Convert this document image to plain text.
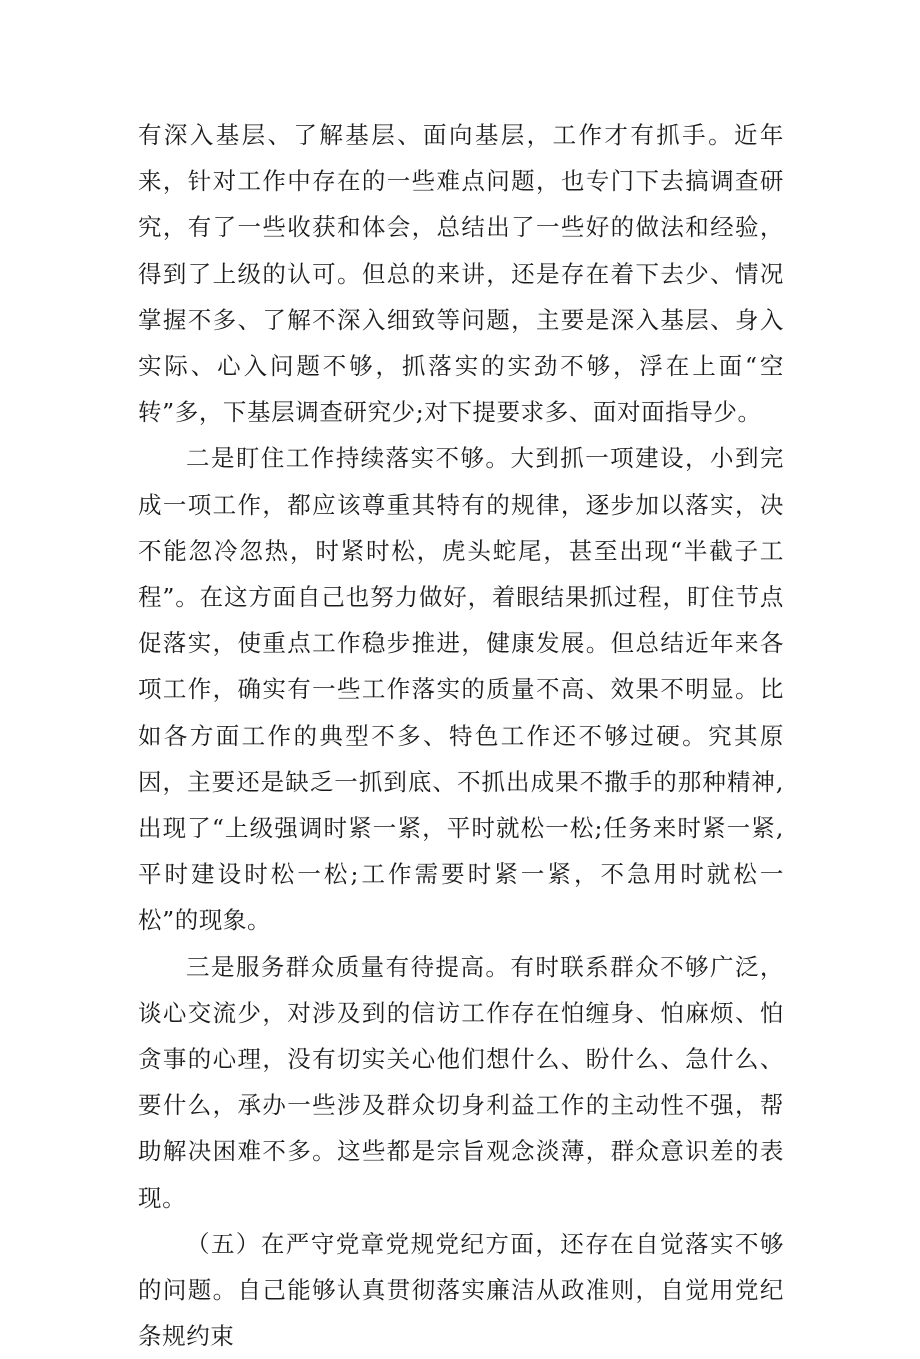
有深入基层、了解基层、面向基层，工作才有抓手。近年来，针对工作中存在的一些难点问题，也专门下去搞调查研究，有了一些收获和体会，总结出了一些好的做法和经验，得到了上级的认可。但总的来讲，还是存在着下去少、情况掌握不多、了解不深入细致等问题，主要是深入基层、身入实际、心入问题不够，抓落实的实劲不够，浮在上面“空转”多，下基层调查研究少;对下提要求多、面对面指导少。

二是盯住工作持续落实不够。大到抓一项建设，小到完成一项工作，都应该尊重其特有的规律，逐步加以落实，决不能忽冷忽热，时紧时松，虎头蛇尾，甚至出现“半截子工程”。在这方面自己也努力做好，着眼结果抓过程，盯住节点促落实，使重点工作稳步推进，健康发展。但总结近年来各项工作，确实有一些工作落实的质量不高、效果不明显。比如各方面工作的典型不多、特色工作还不够过硬。究其原因，主要还是缺乏一抓到底、不抓出成果不撒手的那种精神,出现了“上级强调时紧一紧，平时就松一松;任务来时紧一紧,平时建设时松一松;工作需要时紧一紧，不急用时就松一松”的现象。

三是服务群众质量有待提高。有时联系群众不够广泛，谈心交流少，对涉及到的信访工作存在怕缠身、怕麻烦、怕贪事的心理，没有切实关心他们想什么、盼什么、急什么、要什么，承办一些涉及群众切身利益工作的主动性不强，帮助解决困难不多。这些都是宗旨观念淡薄，群众意识差的表现。

（五）在严守党章党规党纪方面，还存在自觉落实不够的问题。自己能够认真贯彻落实廉洁从政准则，自觉用党纪条规约束
